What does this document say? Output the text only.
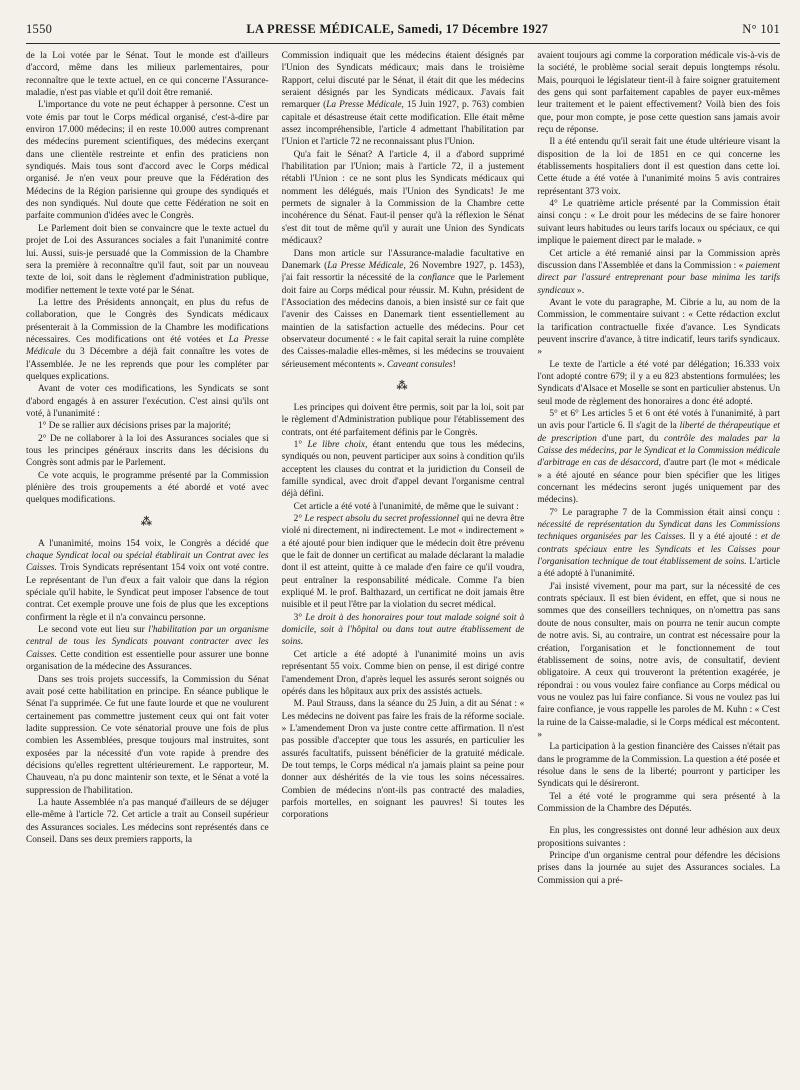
1550	LA PRESSE MÉDICALE, Samedi, 17 Décembre 1927	N° 101

de la Loi votée par le Sénat. Tout le monde est d'ailleurs d'accord, même dans les milieux parlementaires, pour reconnaître que le texte actuel, en ce qui concerne l'Assurance-maladie, n'est pas viable et qu'il doit être remanié.

L'importance du vote ne peut échapper à personne. C'est un vote émis par tout le Corps médical organisé, c'est-à-dire par environ 17.000 médecins; il en reste 10.000 autres comprenant des médecins purement scientifiques, des médecins exerçant dans une clientèle restreinte et enfin des praticiens non syndiqués. Mais tous sont d'accord avec le Corps médical organisé. Je n'en veux pour preuve que la Fédération des Médecins de la Région parisienne qui groupe des syndiqués et des non syndiqués. Nul doute que cette Fédération ne soit en parfaite communion d'idées avec le Congrès.

Le Parlement doit bien se convaincre que le texte actuel du projet de Loi des Assurances sociales a fait l'unanimité contre lui. Aussi, suis-je persuadé que la Commission de la Chambre sera la première à reconnaître qu'il faut, soit par un nouveau texte de loi, soit dans le règlement d'administration publique, modifier nettement le texte voté par le Sénat.

La lettre des Présidents annonçait, en plus du refus de collaboration, que le Congrès des Syndicats médicaux présenterait à la Commission de la Chambre les modifications nécessaires. Ces modifications ont été votées et La Presse Médicale du 3 Décembre a déjà fait connaître les votes de l'Assemblée. Je ne les reprends que pour les compléter par quelques explications.

Avant de voter ces modifications, les Syndicats se sont d'abord engagés à en assurer l'exécution. C'est ainsi qu'ils ont voté, à l'unanimité :

1° De se rallier aux décisions prises par la majorité;

2° De ne collaborer à la loi des Assurances sociales que si tous les principes généraux inscrits dans les décisions du Congrès sont admis par le Parlement.

Ce vote acquis, le programme présenté par la Commission plénière des trois groupements a été abordé et voté avec quelques modifications.

⁂

A l'unanimité, moins 154 voix, le Congrès a décidé que chaque Syndicat local ou spécial établirait un Contrat avec les Caisses. Trois Syndicats représentant 154 voix ont voté contre. Le représentant de l'un d'eux a fait valoir que dans la région spéciale qu'il habite, le Syndicat peut imposer l'absence de tout contrat. Cet exemple prouve une fois de plus que les exceptions confirment la règle et il n'a convaincu personne.

Le second vote eut lieu sur l'habilitation par un organisme central de tous les Syndicats pouvant contracter avec les Caisses. Cette condition est essentielle pour assurer une bonne organisation de la médecine des Assurances.

Dans ses trois projets successifs, la Commission du Sénat avait posé cette habilitation en principe. En séance publique le Sénat l'a supprimée. Ce fut une faute lourde et que ne voulurent certainement pas commettre justement ceux qui ont fait voter ladite suppression. Ce vote sénatorial prouve une fois de plus combien les Assemblées, presque toujours mal instruites, sont exposées par la nécessité d'un vote rapide à prendre des décisions qu'elles regrettent ultérieurement. Le rapporteur, M. Chauveau, n'a pu donc maintenir son texte, et le Sénat a voté la suppression de l'habilitation.

La haute Assemblée n'a pas manqué d'ailleurs de se déjuger elle-même à l'article 72. Cet article a trait au Conseil supérieur des Assurances sociales. Les médecins sont représentés dans ce Conseil. Dans ses deux premiers rapports, la

Commission indiquait que les médecins étaient désignés par l'Union des Syndicats médicaux; mais dans le troisième Rapport, celui discuté par le Sénat, il était dit que les médecins seraient désignés par les Syndicats médicaux. J'avais fait remarquer (La Presse Médicale, 15 Juin 1927, p. 763) combien capitale et désastreuse était cette modification. Elle était même assez incompréhensible, l'article 4 admettant l'habilitation par l'Union et l'article 72 ne reconnaissant plus l'Union.

Qu'a fait le Sénat? A l'article 4, il a d'abord supprimé l'habilitation par l'Union; mais à l'article 72, il a justement rétabli l'Union : ce ne sont plus les Syndicats médicaux qui nomment les délégués, mais l'Union des Syndicats! Je me permets de signaler à la Commission de la Chambre cette incohérence du Sénat. Faut-il penser qu'à la réflexion le Sénat s'est dit tout de même qu'il y aurait une Union des Syndicats médicaux?

Dans mon article sur l'Assurance-maladie facultative en Danemark (La Presse Médicale, 26 Novembre 1927, p. 1453), j'ai fait ressortir la nécessité de la confiance que le Parlement doit faire au Corps médical pour réussir. M. Kuhn, président de l'Association des médecins danois, a bien insisté sur ce fait que l'avenir des Caisses en Danemark tient essentiellement au maintien de la satisfaction actuelle des médecins. Pour cet observateur documenté : « le fait capital serait la ruine complète des Caisses-maladie elles-mêmes, si les médecins se trouvaient sérieusement mécontents ». Caveant consules!

⁂

Les principes qui doivent être permis, soit par la loi, soit par le règlement d'Administration publique pour l'établissement des contrats, ont été parfaitement définis par le Congrès.

1° Le libre choix, étant entendu que tous les médecins, syndiqués ou non, peuvent participer aux soins à condition qu'ils acceptent les clauses du contrat et la juridiction du Conseil de famille syndical, avec droit d'appel devant l'organisme central déjà défini.

Cet article a été voté à l'unanimité, de même que le suivant :

2° Le respect absolu du secret professionnel qui ne devra être violé ni directement, ni indirectement. Le mot « indirectement » a été ajouté pour bien indiquer que le médecin doit être prévenu que le fait de donner un certificat au malade déclarant la maladie dont il est atteint, quitte à ce malade d'en faire ce qu'il voudra, peut entraîner la responsabilité médicale. Comme l'a bien expliqué M. le prof. Balthazard, un certificat ne doit jamais être nuisible et il peut l'être par la violation du secret médical.

3° Le droit à des honoraires pour tout malade soigné soit à domicile, soit à l'hôpital ou dans tout autre établissement de soins.

Cet article a été adopté à l'unanimité moins un avis représentant 55 voix. Comme bien on pense, il est dirigé contre l'amendement Dron, d'après lequel les assurés seront soignés ou opérés dans les hôpitaux aux prix des assistés actuels.

M. Paul Strauss, dans la séance du 25 Juin, a dit au Sénat : « Les médecins ne doivent pas faire les frais de la réforme sociale. » L'amendement Dron va juste contre cette affirmation. Il n'est pas possible d'accepter que tous les assurés, en particulier les assurés facultatifs, puissent bénéficier de la gratuité médicale. De tout temps, le Corps médical n'a jamais plaint sa peine pour donner aux déshérités de la vie tous les soins nécessaires. Combien de médecins n'ont-ils pas contracté des maladies, parfois mortelles, en soignant les pauvres! Si toutes les corporations

avaient toujours agi comme la corporation médicale vis-à-vis de la société, le problème social serait depuis longtemps résolu. Mais, pourquoi le législateur tient-il à faire soigner gratuitement des gens qui sont parfaitement capables de payer eux-mêmes leur traitement et le paient effectivement? Voilà bien des fois que, pour mon compte, je pose cette question sans jamais avoir reçu de réponse.

Il a été entendu qu'il serait fait une étude ultérieure visant la disposition de la loi de 1851 en ce qui concerne les établissements hospitaliers dont il est question dans cette loi. Cette étude a été votée à l'unanimité moins 5 avis contraires représentant 373 voix.

4° Le quatrième article présenté par la Commission était ainsi conçu : « Le droit pour les médecins de se faire honorer suivant leurs habitudes ou leurs tarifs locaux ou spéciaux, ce qui implique le paiement direct par le malade. »

Cet article a été remanié ainsi par la Commission après discussion dans l'Assemblée et dans la Commission : « paiement direct par l'assuré entreprenant pour base minima les tarifs syndicaux ».

Avant le vote du paragraphe, M. Cibrie a lu, au nom de la Commission, le commentaire suivant : « Cette rédaction exclut la tarification contractuelle fixée d'avance. Les Syndicats peuvent inscrire d'avance, à titre indicatif, leurs tarifs syndicaux. »

Le texte de l'article a été voté par délégation; 16.333 voix l'ont adopté contre 679; il y a eu 823 abstentions formulées; les Syndicats d'Alsace et Moselle se sont en particulier abstenus. Un seul mode de règlement des honoraires a donc été adopté.

5° et 6° Les articles 5 et 6 ont été votés à l'unanimité, à part un avis pour l'article 6. Il s'agit de la liberté de thérapeutique et de prescription d'une part, du contrôle des malades par la Caisse des médecins, par le Syndicat et la Commission médicale d'arbitrage en cas de désaccord, d'autre part (le mot « médicale » a été ajouté en séance pour bien spécifier que les litiges concernant les médecins seront jugés uniquement par des médecins).

7° Le paragraphe 7 de la Commission était ainsi conçu : nécessité de représentation du Syndicat dans les Commissions techniques organisées par les Caisses. Il y a été ajouté : et de contrats spéciaux entre les Syndicats et les Caisses pour l'organisation technique de tout établissement de soins. L'article a été adopté à l'unanimité.

J'ai insisté vivement, pour ma part, sur la nécessité de ces contrats spéciaux. Il est bien évident, en effet, que si nous ne sommes que des conseillers techniques, on n'omettra pas sans doute de nous consulter, mais on pourra ne tenir aucun compte de notre avis. Si, au contraire, un contrat est nécessaire pour la création, l'organisation et le fonctionnement de tout établissement de soins, notre avis, de consultatif, devient obligatoire. A ceux qui trouveront la prétention exagérée, je répondrai : ou vous voulez faire confiance au Corps médical ou vous ne voulez pas lui faire confiance. Si vous ne voulez pas lui faire confiance, je vous rappelle les paroles de M. Kuhn : « C'est la ruine de la Caisse-maladie, si le Corps médical est mécontent. »

La participation à la gestion financière des Caisses n'était pas dans le programme de la Commission. La question a été posée et résolue dans le sens de la liberté; pourront y participer les Syndicats qui le désireront.

Tel a été voté le programme qui sera présenté à la Commission de la Chambre des Députés.

En plus, les congressistes ont donné leur adhésion aux deux propositions suivantes :

Principe d'un organisme central pour défendre les décisions prises dans la journée au sujet des Assurances sociales. La Commission qui a pré-
